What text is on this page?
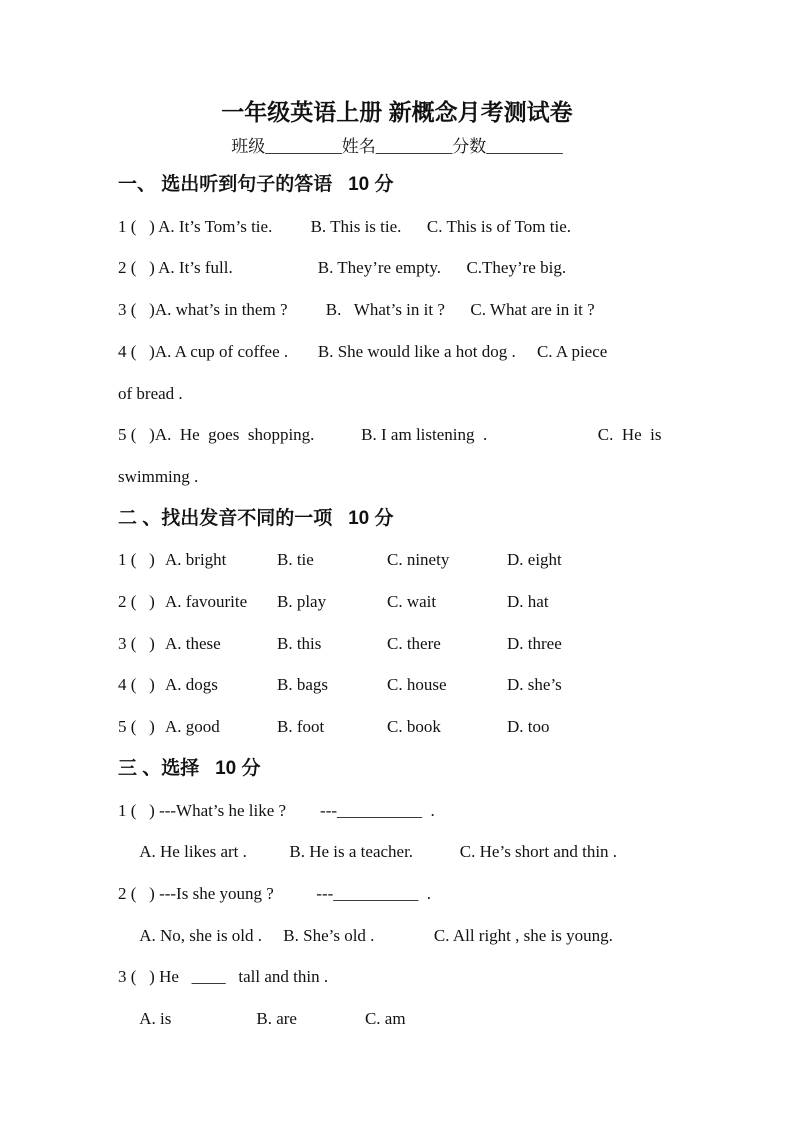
一年级英语上册 新概念月考测试卷
班级_________姓名_________分数_________
一、 选出听到句子的答语   10 分
1 (   ) A. It’s Tom’s tie.         B. This is tie.      C. This is of Tom tie.
2 (   ) A. It’s full.                    B. They’re empty.      C.They’re big.
3 (   )A. what’s in them ?         B.   What’s in it ?      C. What are in it ?
4 (   )A. A cup of coffee .       B. She would like a hot dog .     C. A piece
of bread .
5 (   )A.  He  goes  shopping.           B. I am listening  .                          C.  He  is
swimming .
二 、找出发音不同的一项   10 分
1 (   ) A. bright	B. tie	C. ninety	D. eight
2 (   ) A. favourite	B. play	C. wait	D. hat
3 (   ) A. these	B. this	C. there	D. three
4 (   ) A. dogs	B. bags	C. house	D. she’s
5 (   ) A. good	B. foot	C. book	D. too
三 、选择   10 分
1 (   ) ---What’s he like ?        ---__________  .
A. He likes art .          B. He is a teacher.           C. He’s short and thin .
2 (   ) ---Is she young ?          ---__________  .
A. No, she is old .     B. She’s old .              C. All right , she is young.
3 (   ) He   ____   tall and thin .
A. is                    B. are                C. am
